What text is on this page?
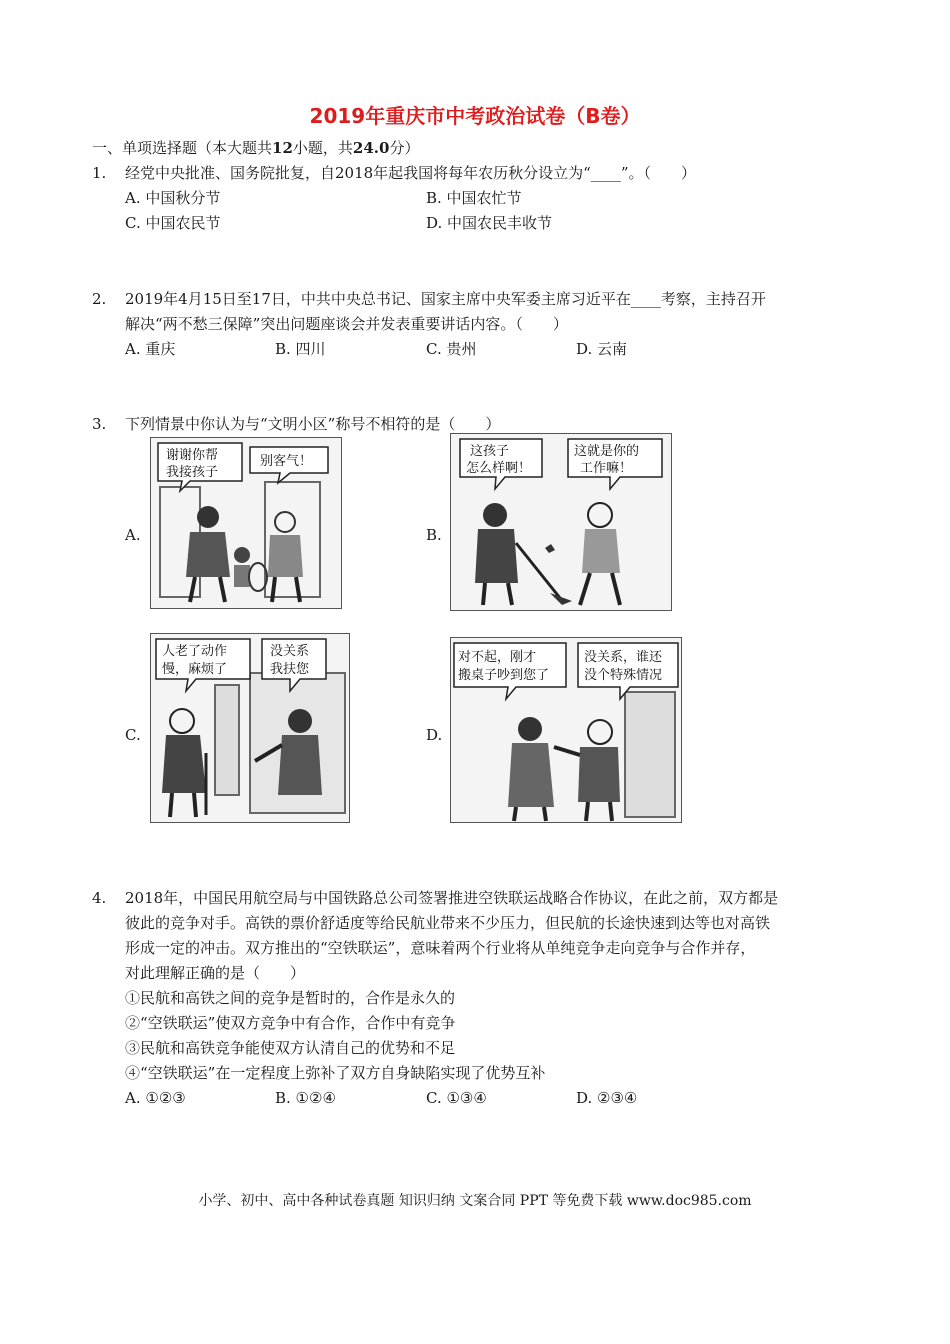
2019年重庆市中考政治试卷（B卷）
一、单项选择题（本大题共12小题，共24.0分）
1. 经党中央批准、国务院批复，自2018年起我国将每年农历秋分设立为“____”。（　　）
A. 中国秋分节	B. 中国农忙节
C. 中国农民节	D. 中国农民丰收节
2. 2019年4月15日至17日，中共中央总书记、国家主席中央军委主席习近平在____考察，主持召开
解决“两不愁三保障”突出问题座谈会并发表重要讲话内容。（　　）
A. 重庆	B. 四川	C. 贵州	D. 云南
3. 下列情景中你认为与“文明小区”称号不相符的是（　　）
A.	B.
C.	D.
谢谢你帮
我接孩子
别客气！
这孩子
怎么样啊！
这就是你的
工作嘛！
人老了动作
慢，麻烦了
没关系
我扶您
对不起，刚才
搬桌子吵到您了
没关系，谁还
没个特殊情况
4. 2018年，中国民用航空局与中国铁路总公司签署推进空铁联运战略合作协议，在此之前，双方都是
彼此的竞争对手。高铁的票价舒适度等给民航业带来不少压力，但民航的长途快速到达等也对高铁
形成一定的冲击。双方推出的“空铁联运”，意味着两个行业将从单纯竞争走向竞争与合作并存，
对此理解正确的是（　　）
①民航和高铁之间的竞争是暂时的，合作是永久的
②“空铁联运”使双方竞争中有合作，合作中有竞争
③民航和高铁竞争能使双方认清自己的优势和不足
④“空铁联运”在一定程度上弥补了双方自身缺陷实现了优势互补
A. ①②③	B. ①②④	C. ①③④	D. ②③④
小学、初中、高中各种试卷真题 知识归纳 文案合同 PPT 等免费下载 www.doc985.com
